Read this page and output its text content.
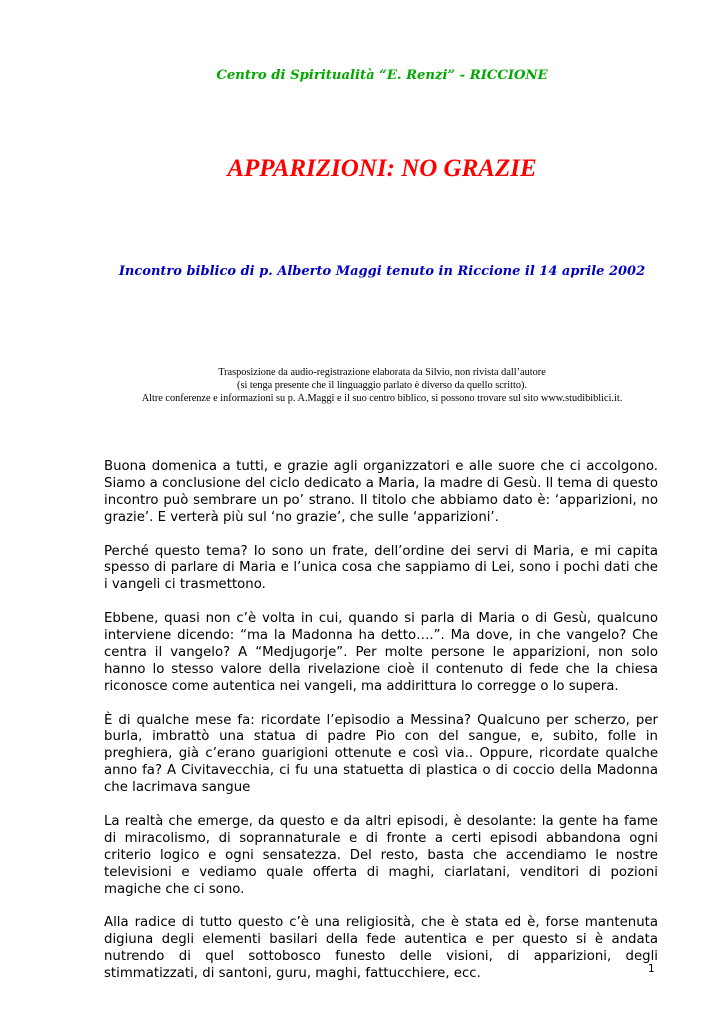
Centro di Spiritualità “E. Renzi” - RICCIONE
APPARIZIONI: NO GRAZIE
Incontro biblico di p. Alberto Maggi tenuto in Riccione il 14 aprile 2002
Trasposizione da audio-registrazione elaborata da Silvio, non rivista dall’autore
(si tenga presente che il linguaggio parlato è diverso da quello scritto).
Altre conferenze e informazioni su p. A.Maggi e il suo centro biblico, si possono trovare sul sito www.studibiblici.it.

Buona domenica a tutti, e grazie agli organizzatori e alle suore che ci accolgono. Siamo a conclusione del ciclo dedicato a Maria, la madre di Gesù. Il tema di questo incontro può sembrare un po’ strano. Il titolo che abbiamo dato è: ‘apparizioni, no grazie’. E verterà più sul ‘no grazie’, che sulle ‘apparizioni’.

Perché questo tema? Io sono un frate, dell’ordine dei servi di Maria, e mi capita spesso di parlare di Maria e l’unica cosa che sappiamo di Lei, sono i pochi dati che i vangeli ci trasmettono.

Ebbene, quasi non c’è volta in cui, quando si parla di Maria o di Gesù, qualcuno interviene dicendo: “ma la Madonna ha detto….”. Ma dove, in che vangelo? Che centra il vangelo? A “Medjugorje”. Per molte persone le apparizioni, non solo hanno lo stesso valore della rivelazione cioè il contenuto di fede che la chiesa riconosce come autentica nei vangeli, ma addirittura lo corregge o lo supera.

È di qualche mese fa: ricordate l’episodio a Messina? Qualcuno per scherzo, per burla, imbrattò una statua di padre Pio con del sangue, e, subito, folle in preghiera, già c’erano guarigioni ottenute e così via.. Oppure, ricordate qualche anno fa? A Civitavecchia, ci fu una statuetta di plastica o di coccio della Madonna che lacrimava sangue

La realtà che emerge, da questo e da altri episodi, è desolante: la gente ha fame di miracolismo, di soprannaturale e di fronte a certi episodi abbandona ogni criterio logico e ogni sensatezza. Del resto, basta che accendiamo le nostre televisioni e vediamo quale offerta di maghi, ciarlatani, venditori di pozioni magiche che ci sono.

Alla radice di tutto questo c’è una religiosità, che è stata ed è, forse mantenuta digiuna degli elementi basilari della fede autentica e per questo si è andata nutrendo di quel sottobosco funesto delle visioni, di apparizioni, degli stimmatizzati, di santoni, guru, maghi, fattucchiere, ecc.	1
